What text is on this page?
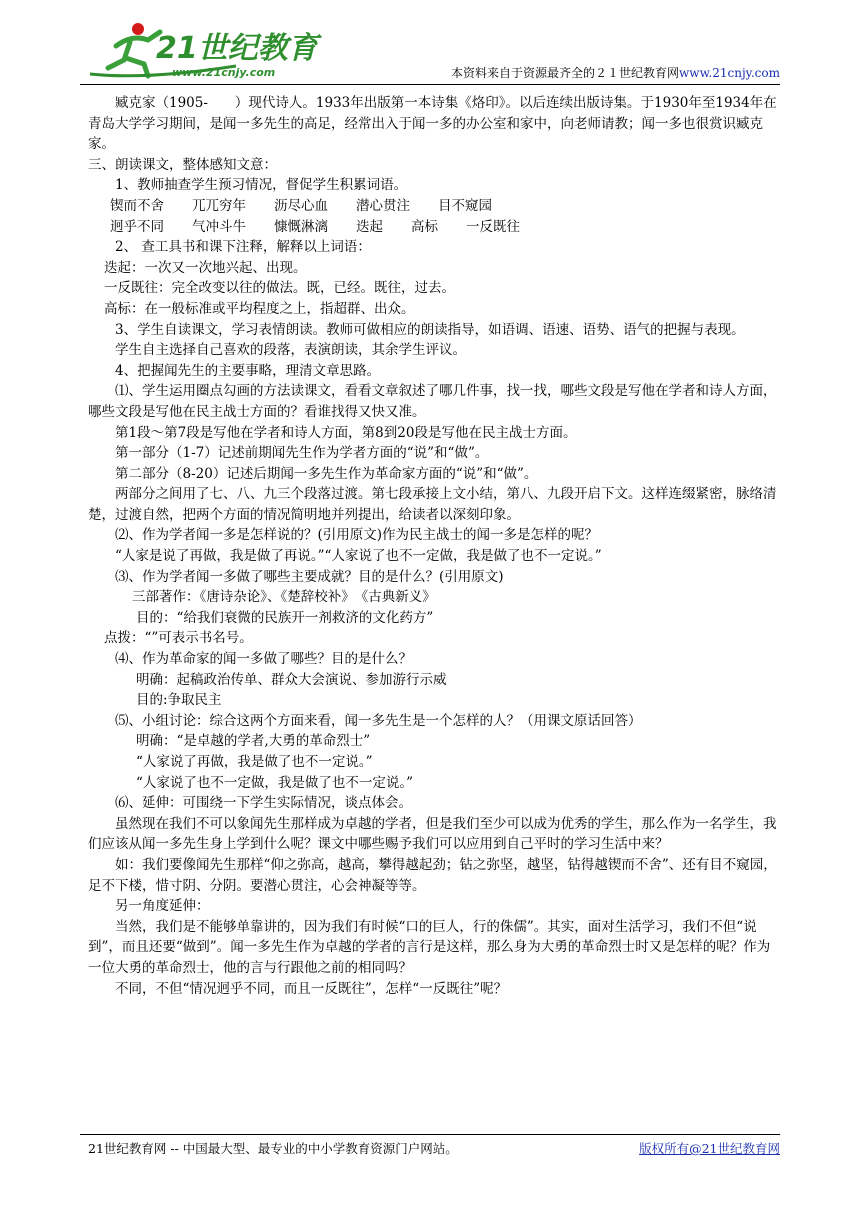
21世纪教育
www.21cnjy.com	本资料来自于资源最齐全的２１世纪教育网www.21cnjy.com

臧克家（1905-　　）现代诗人。1933年出版第一本诗集《烙印》。以后连续出版诗集。于1930年至1934年在青岛大学学习期间，是闻一多先生的高足，经常出入于闻一多的办公室和家中，向老师请教；闻一多也很赏识臧克家。

三、朗读课文，整体感知文意：

1、教师抽查学生预习情况，督促学生积累词语。

锲而不舍 兀兀穷年 沥尽心血 潜心贯注 目不窥园

迥乎不同 气冲斗牛 慷慨淋漓 迭起 高标 一反既往

2、 查工具书和课下注释，解释以上词语：

迭起：一次又一次地兴起、出现。

一反既往：完全改变以往的做法。既，已经。既往，过去。

高标：在一般标准或平均程度之上，指超群、出众。

3、学生自读课文，学习表情朗读。教师可做相应的朗读指导，如语调、语速、语势、语气的把握与表现。

学生自主选择自己喜欢的段落，表演朗读，其余学生评议。

4、把握闻先生的主要事略，理清文章思路。

⑴、学生运用圈点勾画的方法读课文，看看文章叙述了哪几件事，找一找，哪些文段是写他在学者和诗人方面，哪些文段是写他在民主战士方面的？看谁找得又快又准。

第1段～第7段是写他在学者和诗人方面，第8到20段是写他在民主战士方面。

第一部分（1-7）记述前期闻先生作为学者方面的“说”和“做”。

第二部分（8-20）记述后期闻一多先生作为革命家方面的“说”和“做”。

两部分之间用了七、八、九三个段落过渡。第七段承接上文小结，第八、九段开启下文。这样连缀紧密，脉络清楚，过渡自然，把两个方面的情况简明地并列提出，给读者以深刻印象。

⑵、作为学者闻一多是怎样说的？(引用原文)作为民主战士的闻一多是怎样的呢？

“人家是说了再做，我是做了再说。”“人家说了也不一定做，我是做了也不一定说。”

⑶、作为学者闻一多做了哪些主要成就？目的是什么？(引用原文)

三部著作：《唐诗杂论》、《楚辞校补》　《古典新义》

目的：“给我们衰微的民族开一剂救济的文化药方”

点拨：“”可表示书名号。

⑷、作为革命家的闻一多做了哪些？目的是什么？

明确：起稿政治传单、群众大会演说、参加游行示威

目的:争取民主

⑸、小组讨论：综合这两个方面来看，闻一多先生是一个怎样的人？（用课文原话回答）

明确：“是卓越的学者,大勇的革命烈士”

“人家说了再做，我是做了也不一定说。”

“人家说了也不一定做，我是做了也不一定说。”

⑹、延伸：可围绕一下学生实际情况，谈点体会。

虽然现在我们不可以象闻先生那样成为卓越的学者，但是我们至少可以成为优秀的学生，那么作为一名学生，我们应该从闻一多先生身上学到什么呢？课文中哪些赐予我们可以应用到自己平时的学习生活中来？

如：我们要像闻先生那样“仰之弥高，越高，攀得越起劲；钻之弥坚，越坚，钻得越锲而不舍”、还有目不窥园，足不下楼，惜寸阴、分阴。要潜心贯注，心会神凝等等。

另一角度延伸：

当然，我们是不能够单靠讲的，因为我们有时候“口的巨人，行的侏儒”。其实，面对生活学习，我们不但“说到”，而且还要“做到”。闻一多先生作为卓越的学者的言行是这样，那么身为大勇的革命烈士时又是怎样的呢？作为一位大勇的革命烈士，他的言与行跟他之前的相同吗？

不同，不但“情况迥乎不同，而且一反既往”，怎样“一反既往”呢？

21世纪教育网 -- 中国最大型、最专业的中小学教育资源门户网站。	版权所有@21世纪教育网
